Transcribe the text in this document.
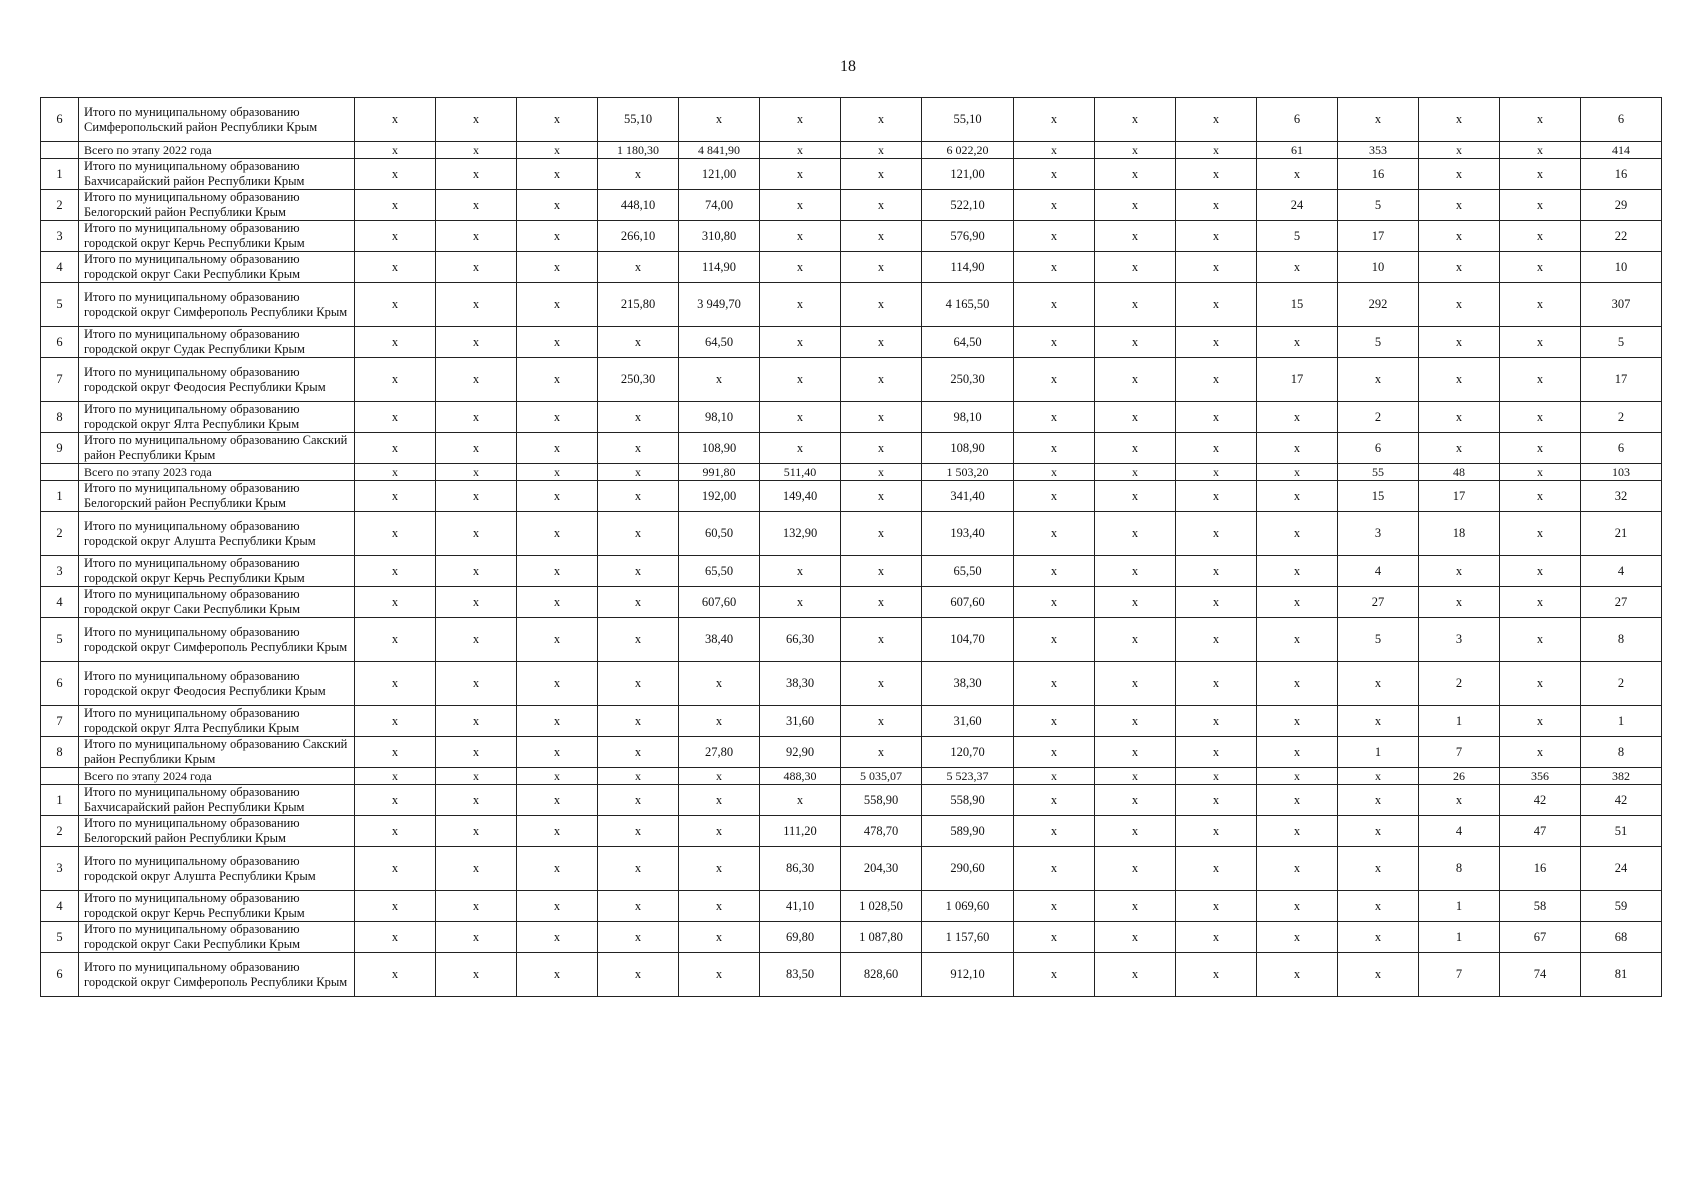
18
6	Итого по муниципальному образованию Симферопольский район Республики Крым	x	x	x	55,10	x	x	x	55,10	x	x	x	6	x	x	x	6
	Всего по этапу 2022 года	x	x	x	1 180,30	4 841,90	x	x	6 022,20	x	x	x	61	353	x	x	414
1	Итого по муниципальному образованию Бахчисарайский район Республики Крым	x	x	x	x	121,00	x	x	121,00	x	x	x	x	16	x	x	16
2	Итого по муниципальному образованию Белогорский район Республики Крым	x	x	x	448,10	74,00	x	x	522,10	x	x	x	24	5	x	x	29
3	Итого по муниципальному образованию городской округ Керчь Республики Крым	x	x	x	266,10	310,80	x	x	576,90	x	x	x	5	17	x	x	22
4	Итого по муниципальному образованию городской округ Саки Республики Крым	x	x	x	x	114,90	x	x	114,90	x	x	x	x	10	x	x	10
5	Итого по муниципальному образованию городской округ Симферополь Республики Крым	x	x	x	215,80	3 949,70	x	x	4 165,50	x	x	x	15	292	x	x	307
6	Итого по муниципальному образованию городской округ Судак Республики Крым	x	x	x	x	64,50	x	x	64,50	x	x	x	x	5	x	x	5
7	Итого по муниципальному образованию городской округ Феодосия Республики Крым	x	x	x	250,30	x	x	x	250,30	x	x	x	17	x	x	x	17
8	Итого по муниципальному образованию городской округ Ялта Республики Крым	x	x	x	x	98,10	x	x	98,10	x	x	x	x	2	x	x	2
9	Итого по муниципальному образованию Сакский район Республики Крым	x	x	x	x	108,90	x	x	108,90	x	x	x	x	6	x	x	6
	Всего по этапу 2023 года	x	x	x	x	991,80	511,40	x	1 503,20	x	x	x	x	55	48	x	103
1	Итого по муниципальному образованию Белогорский район Республики Крым	x	x	x	x	192,00	149,40	x	341,40	x	x	x	x	15	17	x	32
2	Итого по муниципальному образованию городской округ Алушта Республики Крым	x	x	x	x	60,50	132,90	x	193,40	x	x	x	x	3	18	x	21
3	Итого по муниципальному образованию городской округ Керчь Республики Крым	x	x	x	x	65,50	x	x	65,50	x	x	x	x	4	x	x	4
4	Итого по муниципальному образованию городской округ Саки Республики Крым	x	x	x	x	607,60	x	x	607,60	x	x	x	x	27	x	x	27
5	Итого по муниципальному образованию городской округ Симферополь Республики Крым	x	x	x	x	38,40	66,30	x	104,70	x	x	x	x	5	3	x	8
6	Итого по муниципальному образованию городской округ Феодосия Республики Крым	x	x	x	x	x	38,30	x	38,30	x	x	x	x	x	2	x	2
7	Итого по муниципальному образованию городской округ Ялта Республики Крым	x	x	x	x	x	31,60	x	31,60	x	x	x	x	x	1	x	1
8	Итого по муниципальному образованию Сакский район Республики Крым	x	x	x	x	27,80	92,90	x	120,70	x	x	x	x	1	7	x	8
	Всего по этапу 2024 года	x	x	x	x	x	488,30	5 035,07	5 523,37	x	x	x	x	x	26	356	382
1	Итого по муниципальному образованию Бахчисарайский район Республики Крым	x	x	x	x	x	x	558,90	558,90	x	x	x	x	x	x	42	42
2	Итого по муниципальному образованию Белогорский район Республики Крым	x	x	x	x	x	111,20	478,70	589,90	x	x	x	x	x	4	47	51
3	Итого по муниципальному образованию городской округ Алушта Республики Крым	x	x	x	x	x	86,30	204,30	290,60	x	x	x	x	x	8	16	24
4	Итого по муниципальному образованию городской округ Керчь Республики Крым	x	x	x	x	x	41,10	1 028,50	1 069,60	x	x	x	x	x	1	58	59
5	Итого по муниципальному образованию городской округ Саки Республики Крым	x	x	x	x	x	69,80	1 087,80	1 157,60	x	x	x	x	x	1	67	68
6	Итого по муниципальному образованию городской округ Симферополь Республики Крым	x	x	x	x	x	83,50	828,60	912,10	x	x	x	x	x	7	74	81
